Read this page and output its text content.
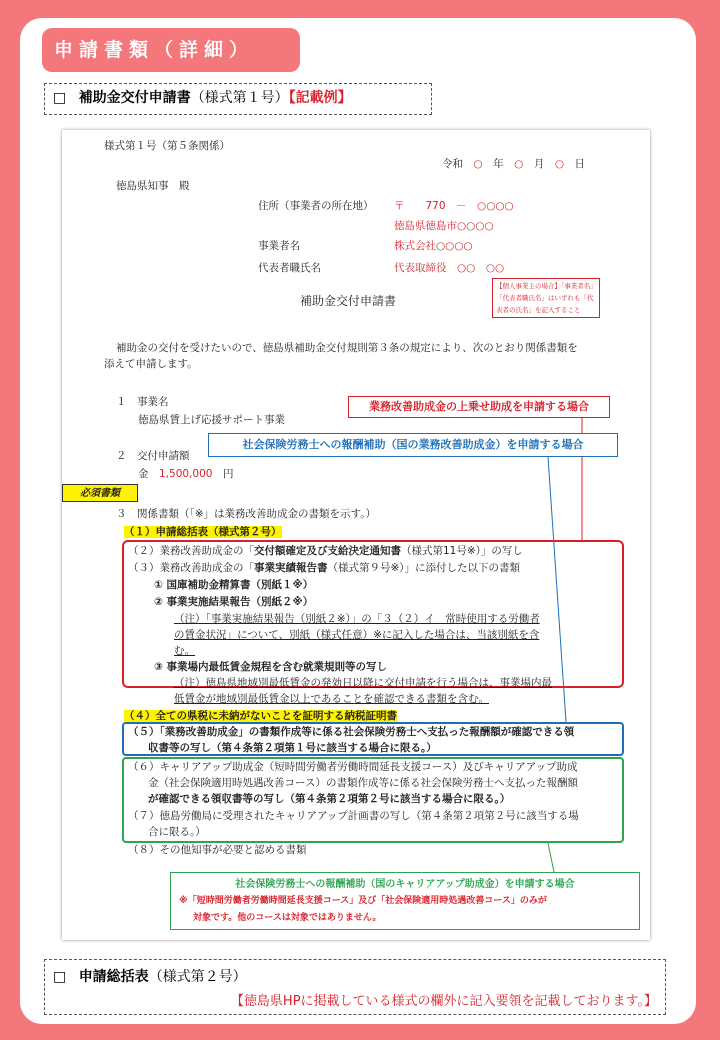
申請書類（詳細）
□ 補助金交付申請書（様式第１号）【記載例】
様式第１号（第５条関係）
令和　 ○　 年　 ○　 月　 ○　 日
徳島県知事　殿
住所（事業者の所在地） 〒　　770　－　○○○○
徳島県徳島市○○○○
事業者名	株式会社○○○○
代表者職氏名	代表取締役　○○　○○
補助金交付申請書
【個人事業主の場合】「事業者名」「代表者職氏名」はいずれも「代表者の氏名」を記入すること
補助金の交付を受けたいので、徳島県補助金交付規則第３条の規定により、次のとおり関係書類を
添えて申請します。
１　事業名
徳島県賃上げ応援サポート事業
２　交付申請額
金　 1,500,000　 円
必須書類
３　関係書類（「※」は業務改善助成金の書類を示す。）
（１）申請総括表（様式第２号）
（２）業務改善助成金の「交付額確定及び支給決定通知書（様式第11号※）」の写し
（３）業務改善助成金の「事業実績報告書（様式第９号※）」に添付した以下の書類
① 国庫補助金精算書（別紙１※）
② 事業実施結果報告（別紙２※）
（注）「事業実施結果報告（別紙２※）」の「３（２）イ　常時使用する労働者
の賃金状況」について、別紙（様式任意）※に記入した場合は、当該別紙を含
む。
③ 事業場内最低賃金規程を含む就業規則等の写し
（注）徳島県地域別最低賃金の発効日以降に交付申請を行う場合は、事業場内最
低賃金が地域別最低賃金以上であることを確認できる書類を含む。
（４）全ての県税に未納がないことを証明する納税証明書
（５）「業務改善助成金」の書類作成等に係る社会保険労務士へ支払った報酬額が確認できる領
収書等の写し（第４条第２項第１号に該当する場合に限る。）
（６）キャリアアップ助成金（短時間労働者労働時間延長支援コース）及びキャリアアップ助成
金（社会保険適用時処遇改善コース）の書類作成等に係る社会保険労務士へ支払った報酬額
が確認できる領収書等の写し（第４条第２項第２号に該当する場合に限る。）
（７）徳島労働局に受理されたキャリアアップ計画書の写し（第４条第２項第２号に該当する場
合に限る。）
（８）その他知事が必要と認める書類
業務改善助成金の上乗せ助成を申請する場合
社会保険労務士への報酬補助（国の業務改善助成金）を申請する場合
社会保険労務士への報酬補助（国のキャリアアップ助成金）を申請する場合
※「短時間労働者労働時間延長支援コース」及び「社会保険適用時処遇改善コース」のみが
対象です。他のコースは対象ではありません。
□ 申請総括表（様式第２号）
【徳島県HPに掲載している様式の欄外に記入要領を記載しております。】
